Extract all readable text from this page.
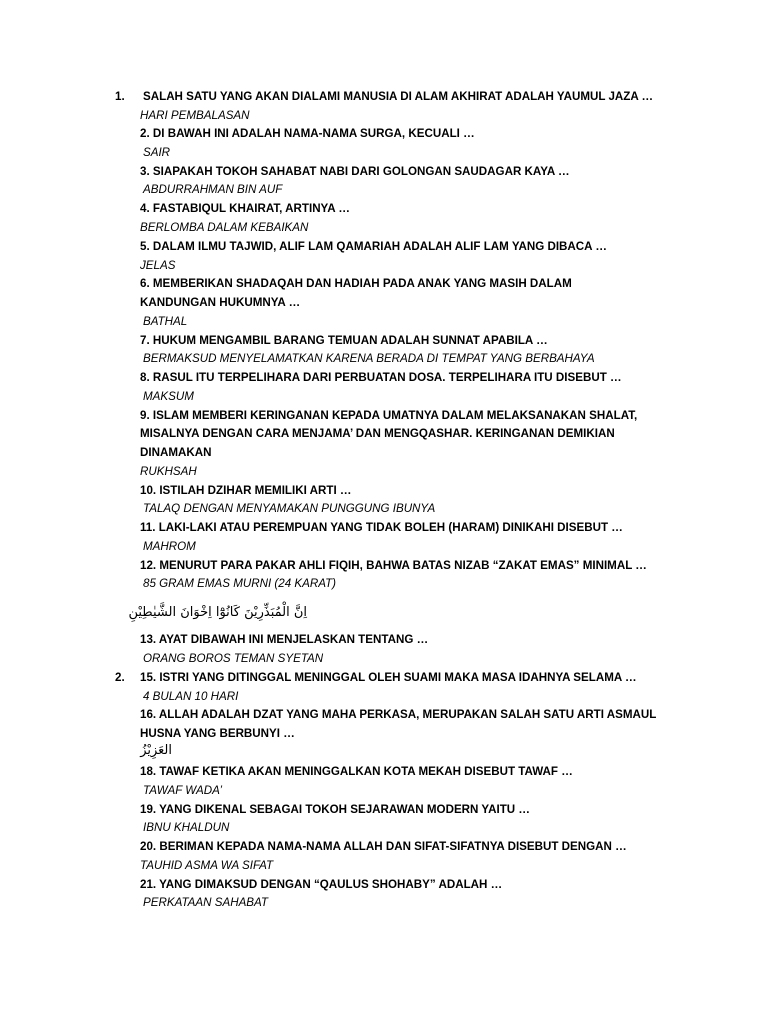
1.
2.
SALAH SATU YANG AKAN DIALAMI MANUSIA DI ALAM AKHIRAT ADALAH YAUMUL JAZA …
HARI PEMBALASAN
2. DI BAWAH INI ADALAH NAMA-NAMA SURGA, KECUALI …
SAIR
3. SIAPAKAH TOKOH SAHABAT NABI DARI GOLONGAN SAUDAGAR KAYA …
ABDURRAHMAN BIN AUF
4. FASTABIQUL KHAIRAT, ARTINYA …
BERLOMBA DALAM KEBAIKAN
5. DALAM ILMU TAJWID, ALIF LAM QAMARIAH ADALAH ALIF LAM YANG DIBACA …
JELAS
6. MEMBERIKAN SHADAQAH DAN HADIAH PADA ANAK YANG MASIH DALAM
KANDUNGAN HUKUMNYA …
BATHAL
7. HUKUM MENGAMBIL BARANG TEMUAN ADALAH SUNNAT APABILA …
BERMAKSUD MENYELAMATKAN KARENA BERADA DI TEMPAT YANG BERBAHAYA
8. RASUL ITU TERPELIHARA DARI PERBUATAN DOSA. TERPELIHARA ITU DISEBUT …
MAKSUM
9. ISLAM MEMBERI KERINGANAN KEPADA UMATNYA DALAM MELAKSANAKAN SHALAT,
MISALNYA DENGAN CARA MENJAMA’ DAN MENGQASHAR. KERINGANAN DEMIKIAN
DINAMAKAN
RUKHSAH
10. ISTILAH DZIHAR MEMILIKI ARTI …
TALAQ DENGAN MENYAMAKAN PUNGGUNG IBUNYA
11. LAKI-LAKI ATAU PEREMPUAN YANG TIDAK BOLEH (HARAM) DINIKAHI DISEBUT …
MAHROM
12. MENURUT PARA PAKAR AHLI FIQIH, BAHWA BATAS NIZAB “ZAKAT EMAS” MINIMAL …
85 GRAM EMAS MURNI (24 KARAT)
اِنَّ الْمُبَذِّرِيْنَ كَانُوْٓا اِخْوَانَ الشَّيٰطِيْنِ
13. AYAT DIBAWAH INI MENJELASKAN TENTANG …
ORANG BOROS TEMAN SYETAN
15. ISTRI YANG DITINGGAL MENINGGAL OLEH SUAMI MAKA MASA IDAHNYA SELAMA …
4 BULAN 10 HARI
16. ALLAH ADALAH DZAT YANG MAHA PERKASA, MERUPAKAN SALAH SATU ARTI ASMAUL
HUSNA YANG BERBUNYI …
العَزِيْزُ
18. TAWAF KETIKA AKAN MENINGGALKAN KOTA MEKAH DISEBUT TAWAF …
TAWAF WADA’
19. YANG DIKENAL SEBAGAI TOKOH SEJARAWAN MODERN YAITU …
IBNU KHALDUN
20. BERIMAN KEPADA NAMA-NAMA ALLAH DAN SIFAT-SIFATNYA DISEBUT DENGAN …
TAUHID ASMA WA SIFAT
21. YANG DIMAKSUD DENGAN “QAULUS SHOHABY” ADALAH …
PERKATAAN SAHABAT
